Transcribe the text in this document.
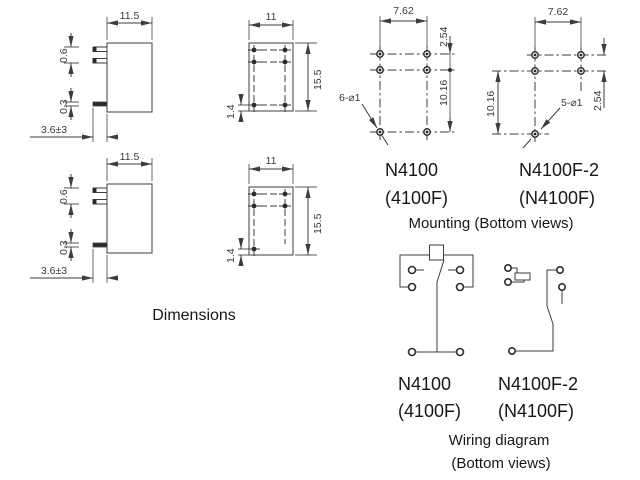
11.5
0.6
0.3
3.6±3
11.5
0.6
0.3
3.6±3
11
15.5
1.4
11
15.5
1.4
Dimensions
7.62
2.54
10.16
6-⌀1
7.62
2.54
10.16	5-⌀1
N4100
(4100F)
N4100F-2
(N4100F)
Mounting (Bottom views)
N4100
(4100F)
N4100F-2
(N4100F)
Wiring diagram
(Bottom views)
